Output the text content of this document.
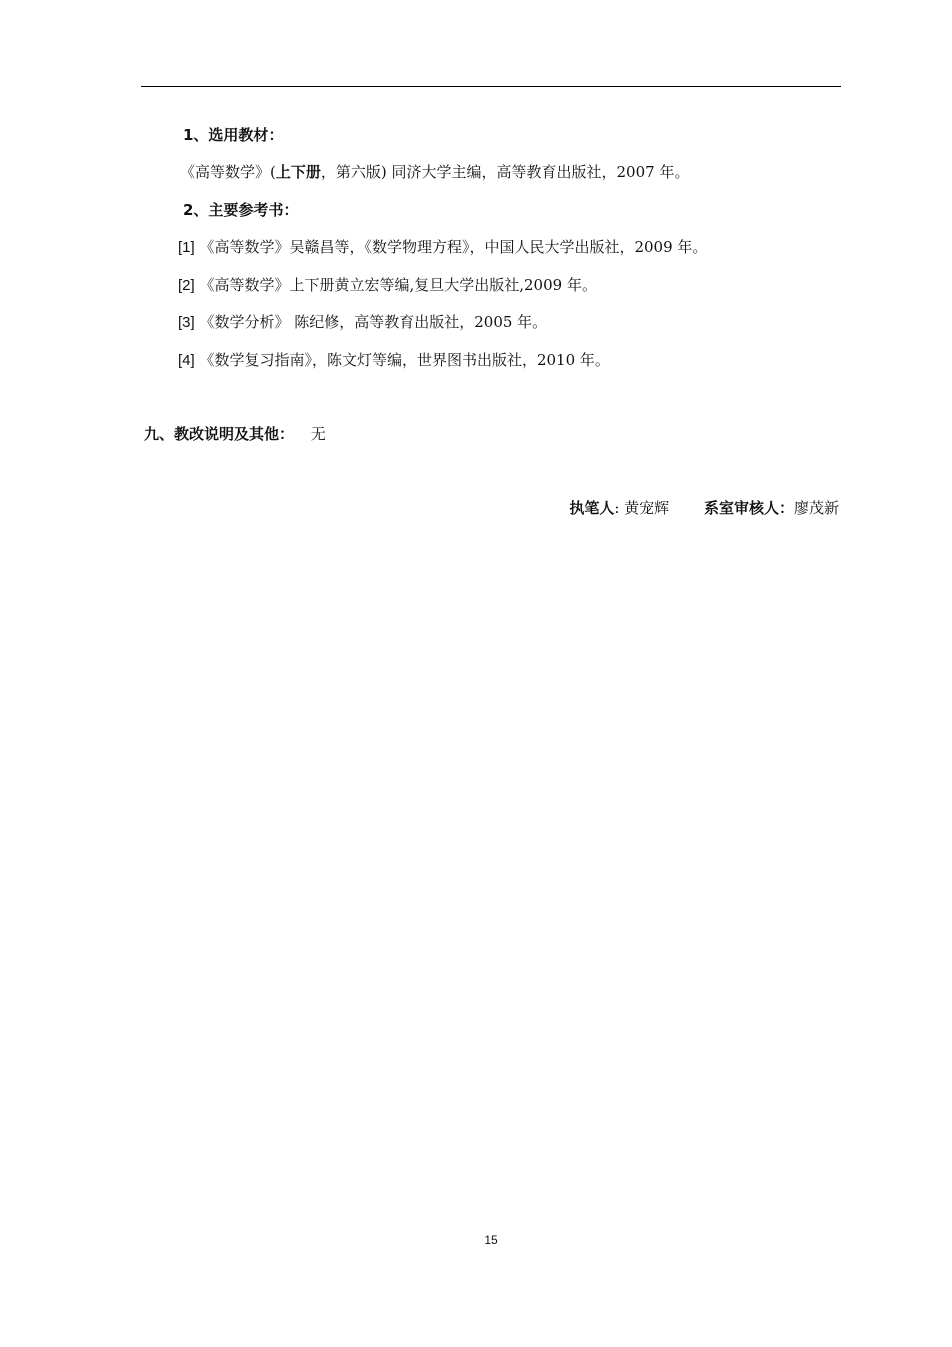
1、选用教材：
《高等数学》(上下册，第六版) 同济大学主编，高等教育出版社，2007 年。
2、主要参考书：
[1] 《高等数学》吴赣昌等，《数学物理方程》，中国人民大学出版社，2009 年。
[2] 《高等数学》上下册黄立宏等编,复旦大学出版社,2009 年。
[3] 《数学分析》 陈纪修，高等教育出版社，2005 年。
[4] 《数学复习指南》，陈文灯等编，世界图书出版社，2010 年。
九、教改说明及其他： 无
执笔人: 黄宠辉 系室审核人：廖茂新
15
